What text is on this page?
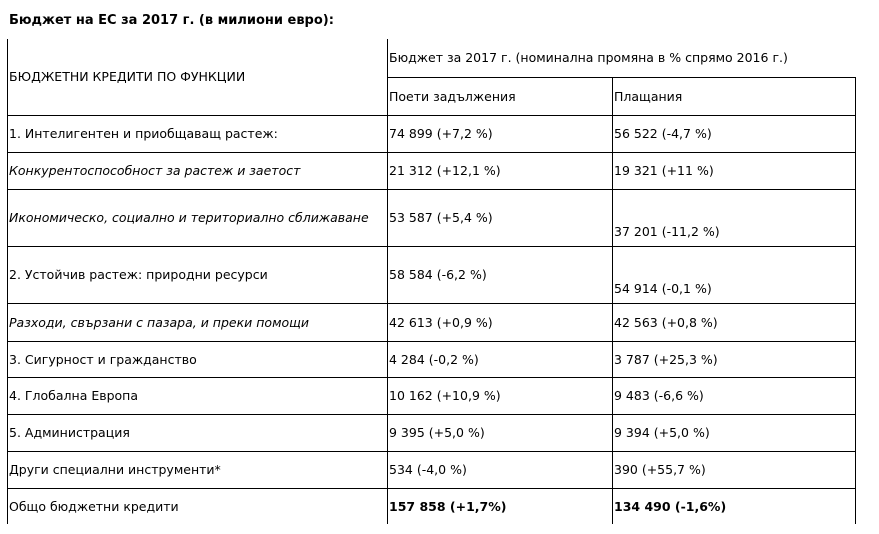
Бюджет на ЕС за 2017 г. (в милиони евро):
БЮДЖЕТНИ КРЕДИТИ ПО ФУНКЦИИ	Бюджет за 2017 г. (номинална промяна в % спрямо 2016 г.)	
	Поети задължения	Плащания
1. Интелигентен и приобщаващ растеж:	74 899 (+7,2 %)	56 522 (-4,7 %)
Конкурентоспособност за растеж и заетост	21 312 (+12,1 %)	19 321 (+11 %)
Икономическо, социално и териториално сближаване	53 587 (+5,4 %)	37 201 (-11,2 %)
2. Устойчив растеж: природни ресурси	58 584 (-6,2 %)	54 914 (-0,1 %)
Разходи, свързани с пазара, и преки помощи	42 613 (+0,9 %)	42 563 (+0,8 %)
3. Сигурност и гражданство	4 284 (-0,2 %)	3 787 (+25,3 %)
4. Глобална Европа	10 162 (+10,9 %)	9 483 (-6,6 %)
5. Администрация	9 395 (+5,0 %)	9 394 (+5,0 %)
Други специални инструменти*	534 (-4,0 %)	390 (+55,7 %)
Общо бюджетни кредити	157 858 (+1,7%)	134 490 (-1,6%)
